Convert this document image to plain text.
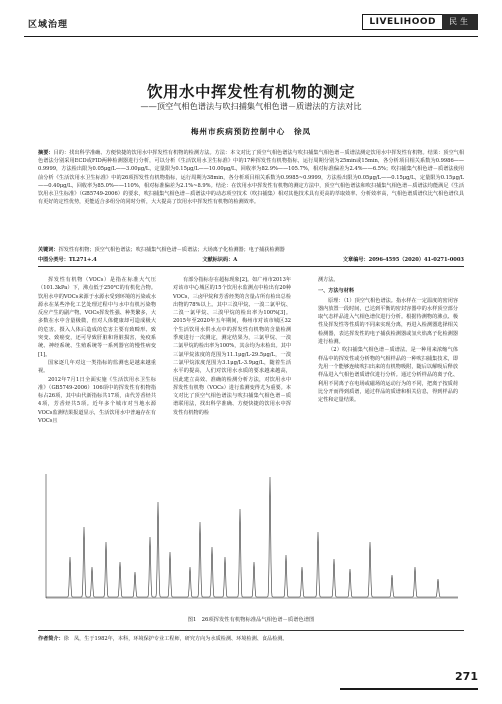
区域治理	LIVELIHOOD	民生
饮用水中挥发性有机物的测定
——顶空气相色谱法与吹扫捕集气相色谱－质谱法的方法对比
梅州市疾病预防控制中心　徐凤
摘要：目的：找出科学准确、方便快捷的饮用水中挥发性有机物的检测方法。方法：本文对比了顶空气相色谱法与吹扫捕集气相色谱－质谱法测定饮用水中挥发性有机物。结果：顶空气相色谱法分别采用ECD或FID两种检测器进行分析，可以分析《生活饮用水卫生标准》中的17种挥发性有机物指标，运行周期分别为25min或15min，各分析项目相关系数为0.9986——0.9999，方法检出限为0.05μg/L——3.00μg/L，定量限为0.15μg/L——10.00μg/L，回收率为82.9%——105.7%，相对标准偏差为2.4%——6.5%；吹扫捕集气相色谱－质谱法使用前分析《生活饮用水卫生标准》中的26项挥发性有机物指标，运行周期为38min，各分析项目相关系数为0.9985~0.9999，方法检出限为0.05μg/L——0.15μg/L，定量限为0.15μg/L——0.40μg/L，回收率为85.0%——110%，相对标准偏差为2.1%~8.9%。结论：在饮用水中挥发性有机物的测定方法中，顶空气相色谱法和吹扫捕集气相色谱－质谱法均能满足《生活饮用水卫生标准》（GB5749-2006）的要求，吹扫捕集气相色谱－质谱法中的动态项空技术（吹扫捕集）相对其他技术具有更高的萃取效率、分析效率高，气相色谱质谱仪比气相色谱仪具有更好的定性优势，更能适合多组分的同时分析，大大提高了饮用水中挥发性有机物的检测效率。
关键词：挥发性有机物；顶空气相色谱法；吹扫捕集气相色谱－质谱法；大场离子化检测器；电子捕获检测器
中图分类号：TL271+.4	文献标识码：A	文章编号：2096-4595（2020）41-0271-0003

挥发性有机物（VOCs）是指在标准大气压（101.3kPa）下，沸点低于250℃的有机化合物。饮用水中的VOCs来源于水源水受到环境的污染或水源水在某些净化工艺处理过程中与水中有机污染物反应产生的副产物。VOCs挥发性强、种类繁多，大多数在水中含量极微，但对人体健康却可造成极大的危害。摄入人体后造成的危害主要有致畸形、致突变、致癌变，还可导致肝脏和肾脏损害，免疫系统、神经系统、生殖系统等一系列器官的慢性病变[1]。

国家逐几年对这一类指标的监测也是越来越重视。

2012年7月1日全面实施《生活饮用水卫生标准》（GB5749-2006）106项中的挥发性有机物指标占26项，其中由代新指标共17项，由代芳香烃共4项，芳香烃共5项。近年多个城市对当地水源VOCs监测结果报道显示，生活饮用水中普遍存在有VOCs且

有部分指标存在超标现象[2]。如广州市2013年对该市中心城区的15个饮用水监测点中检出有20种VOCs，三卤甲烷和芳香烃类的含量占所有检出总检出物的78%以上。其中三溴甲烷、一溴二氯甲烷、二溴一氯甲烷、三溴甲烷的检出率为100%[3]。2015年至2020年五年期间，梅州市对该市城区32个生活饮用水供水点中的挥发性有机物的含量检测季度进行一次测定，测定结果为，三氯甲烷、一溴二氯甲烷的检出率为100%，其余均为未检出。其中三氯甲烷浓度的范围为11.1μg/L-29.5μg/L，一溴二氯甲烷浓度范围为3.1μg/L-3.9μg/L，随着生活水平的提高，人们对饮用水水质的要求越来越高，因此建立高效、准确的检测分析方法，对饮用水中挥发性有机物（VOCs）进行监测变得尤为重要。本文对比了顶空气相色谱法与吹扫捕集气相色谱－质谱联用法，找出科学准确、方便快捷的饮用水中挥发性有机物的检

测方法。

一、方法与材料

原理：（1）顶空气相色谱法。指水样在一定温度的密闭容器内放置一段时间，已达到平衡的密封容器中的水样顶空部分取气态样品进入气相色谱仪进行分析。根据待测物的沸点、极性及挥发性等性质的不同来实现分离，再进入检测器选择相关检测器，表达挥发性的电子捕获检测器或氢火焰离子化检测器进行检测。

（2）吹扫捕集气相色谱－质谱法。是一种用来浓缩气体样品中的挥发性或分析物的气相样品的一种吹扫捕集技术，即先用一个能够连续吹扫出来的有机物吸附，随后以解吸后释放样品进入气相色谱质谱仪进行分析。通过分析样品的离子化、利用不同离子在电场或磁场的运动行为的不同，把离子按质荷比分开而得到质谱，通过样品的质谱和相关信息，得到样品的定性和定量结果。

图1　26项挥发性有机物标准品气相色谱－质谱色谱图
作者简介：徐　凤，生于1982年，本科，环境保护专业工程师，研究方向为水质检测、环境检测、食品检测。
271
